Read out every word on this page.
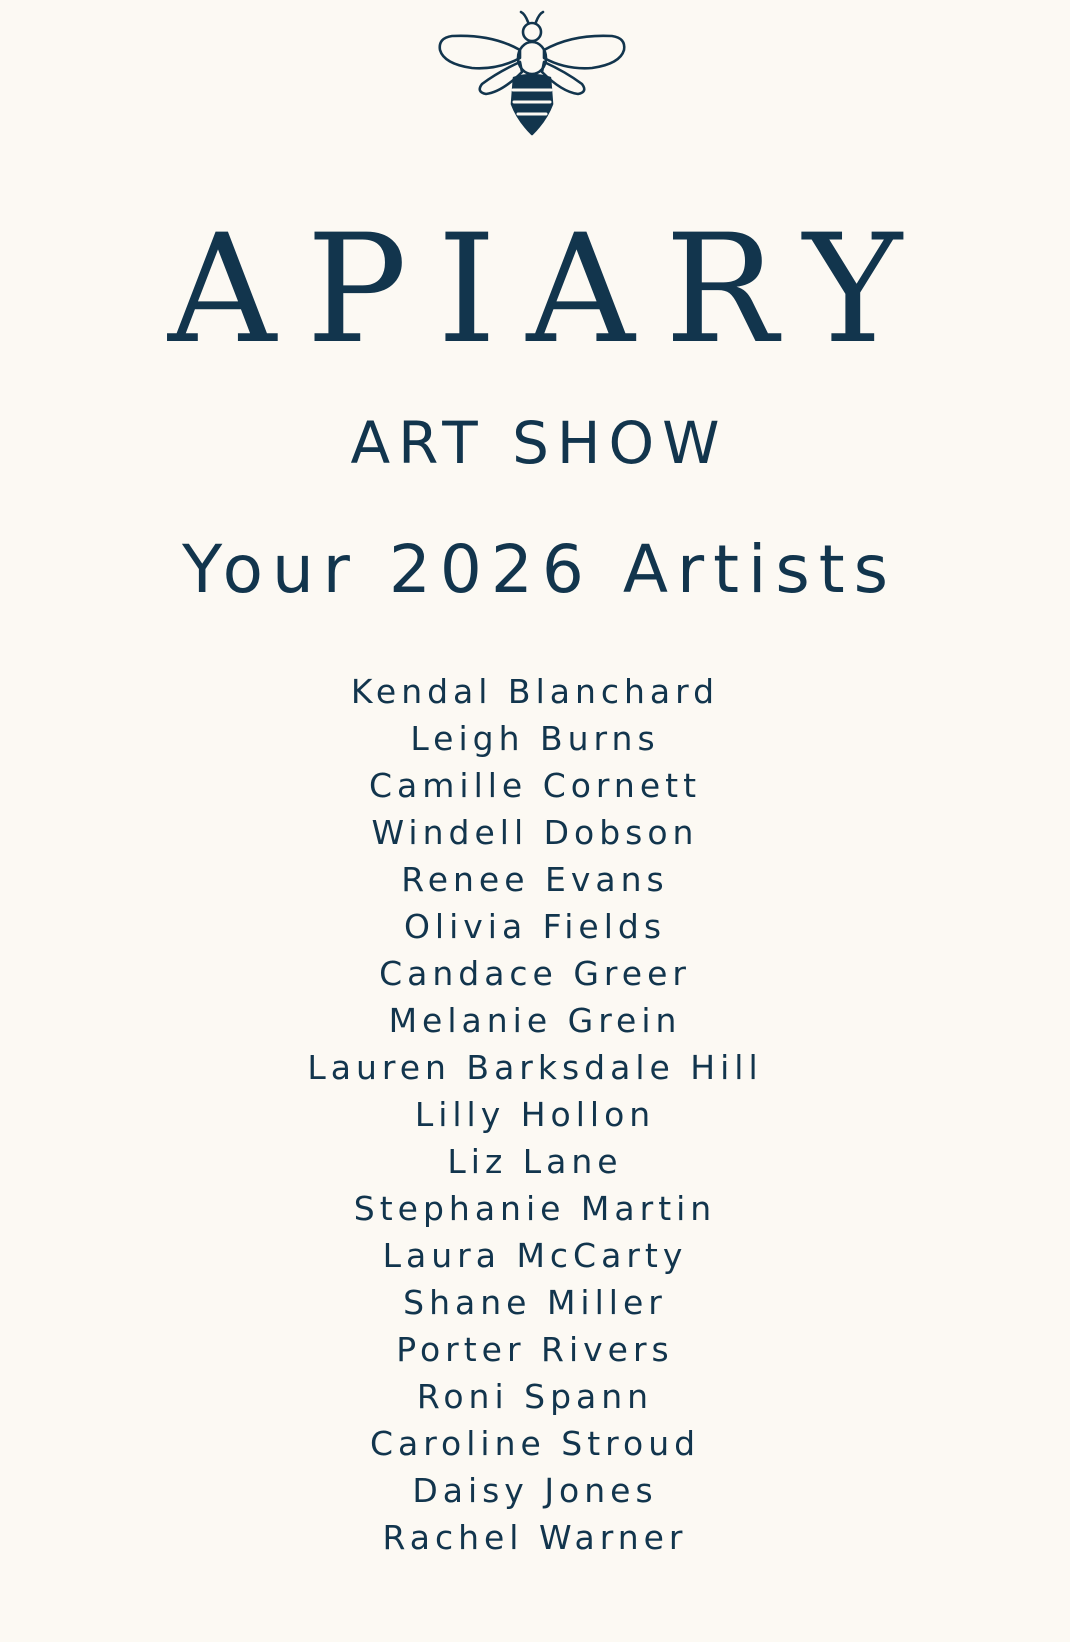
APIARY
ART SHOW
Your 2026 Artists
Kendal Blanchard
Leigh Burns
Camille Cornett
Windell Dobson
Renee Evans
Olivia Fields
Candace Greer
Melanie Grein
Lauren Barksdale Hill
Lilly Hollon
Liz Lane
Stephanie Martin
Laura McCarty
Shane Miller
Porter Rivers
Roni Spann
Caroline Stroud
Daisy Jones
Rachel Warner
